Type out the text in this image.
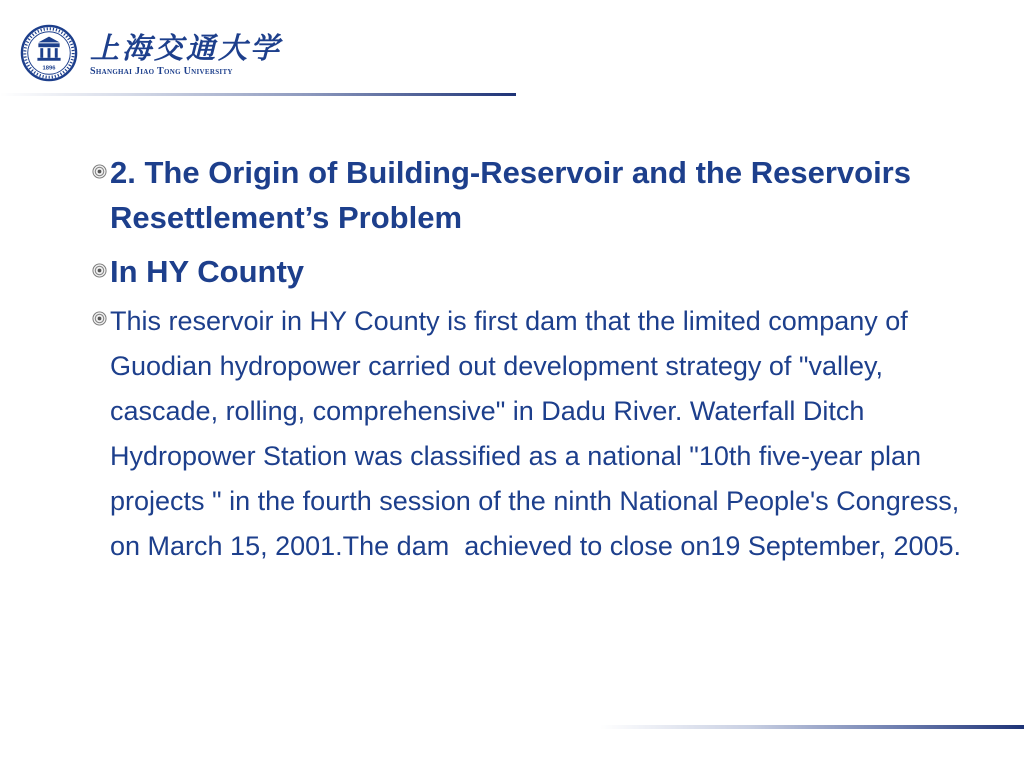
1896
上海交通大学
Shanghai Jiao Tong University
2. The Origin of Building-Reservoir and the Reservoirs Resettlement’s Problem
In HY County
This reservoir in HY County is first dam that the limited company of Guodian hydropower carried out development strategy of "valley, cascade, rolling, comprehensive" in Dadu River. Waterfall Ditch Hydropower Station was classified as a national "10th five-year plan projects " in the fourth session of the ninth National People's Congress, on March 15, 2001.The dam  achieved to close on19 September, 2005.
